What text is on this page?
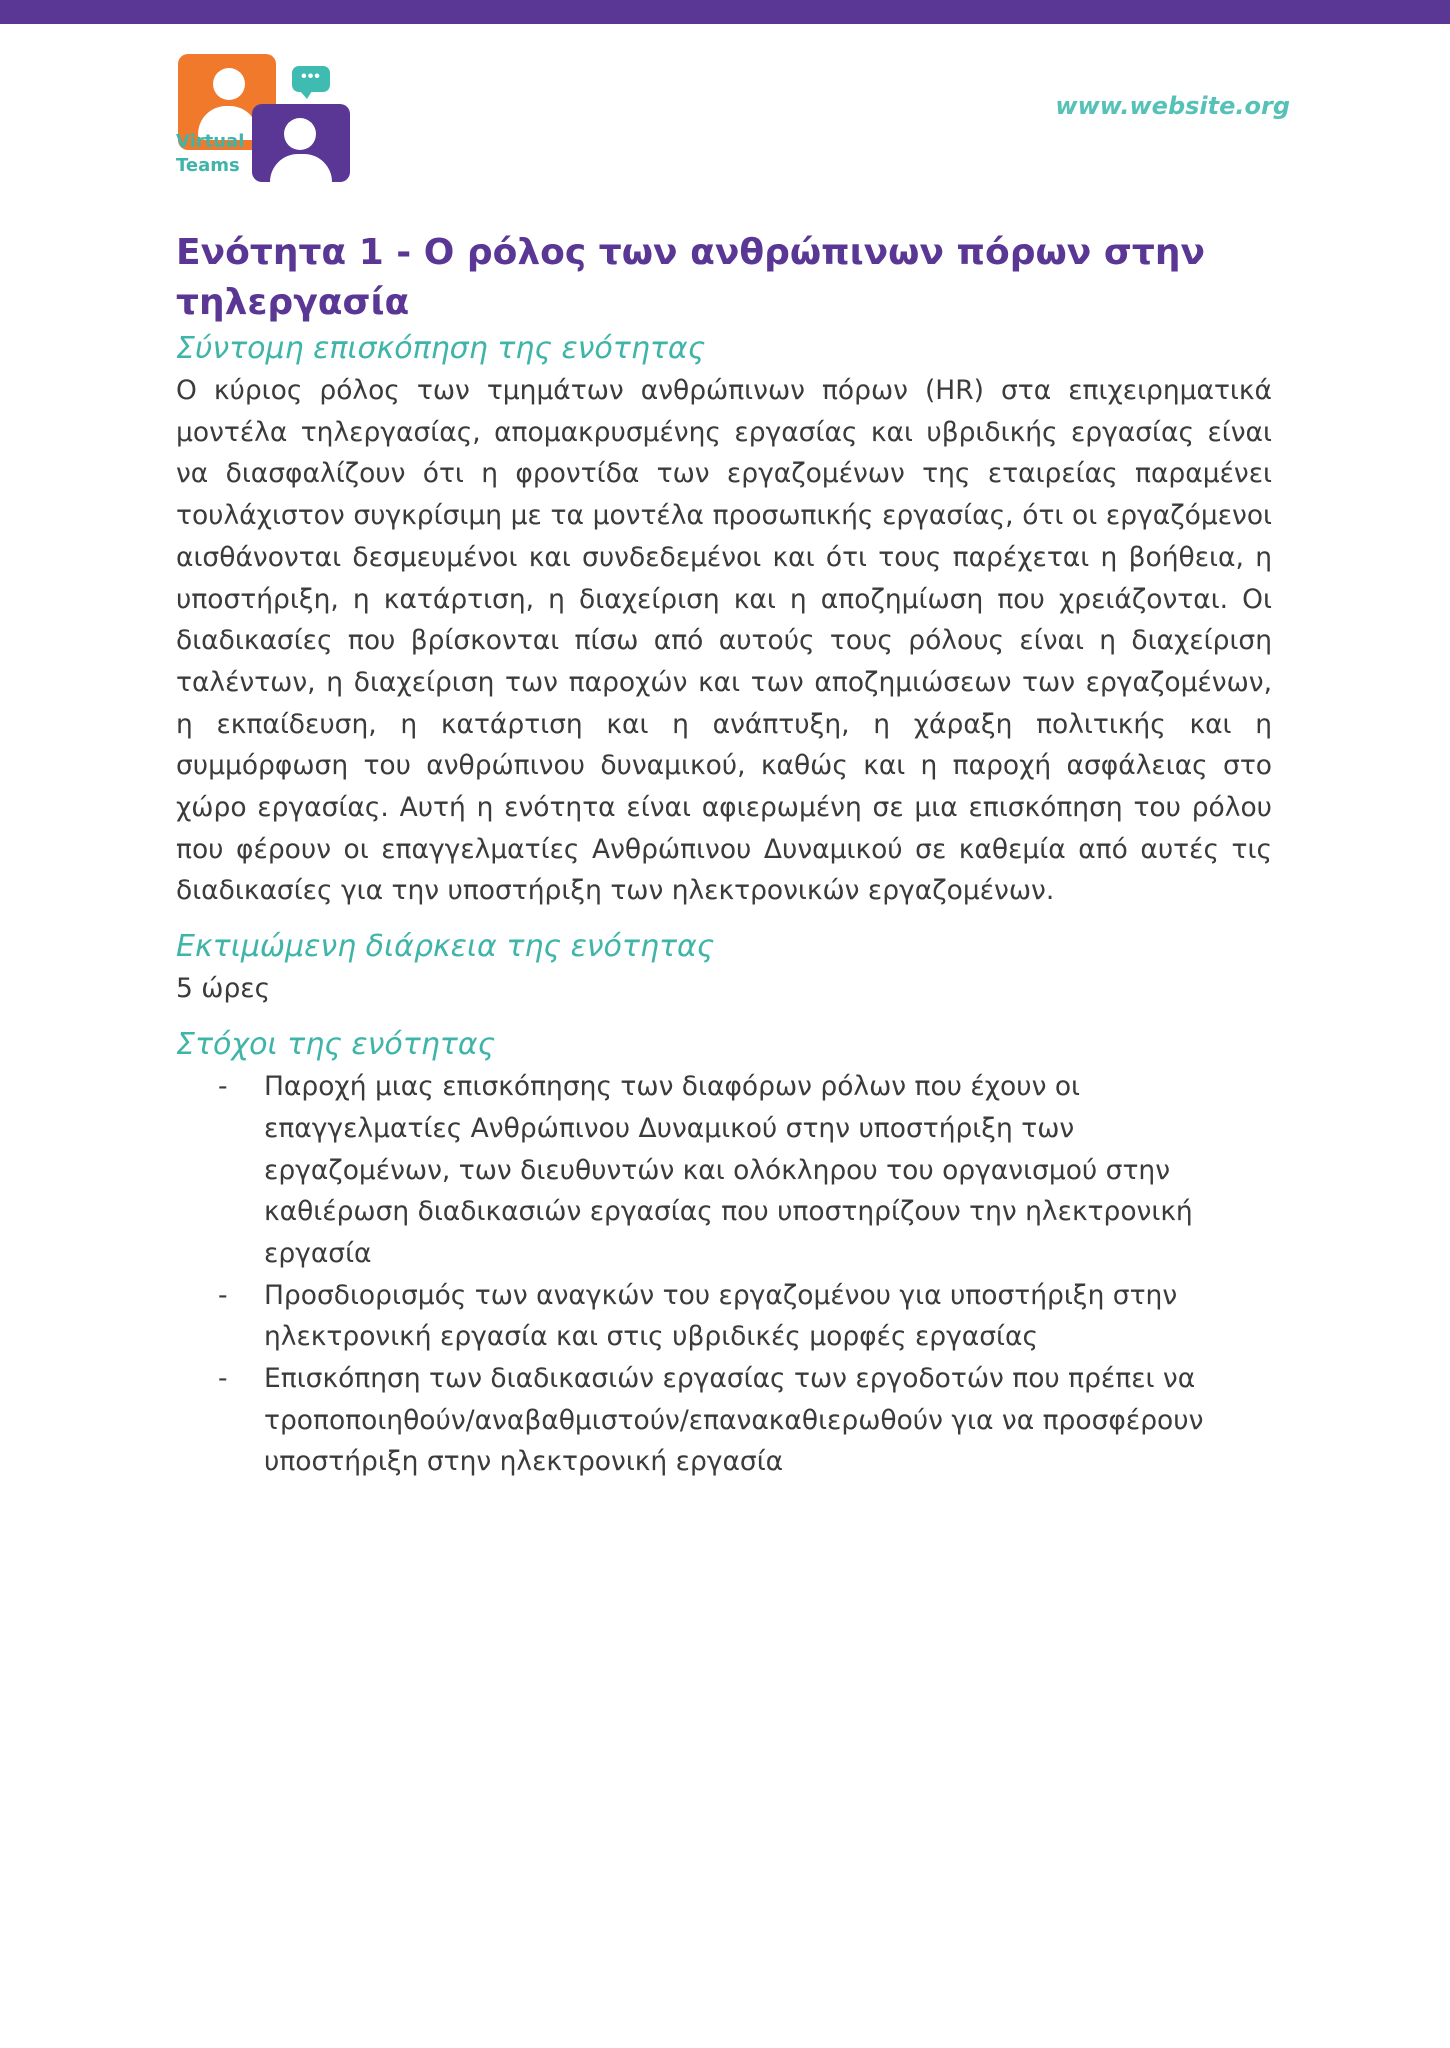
•••
Virtual
Teams
www.website.org
Ενότητα 1 - Ο ρόλος των ανθρώπινων πόρων στην τηλεργασία
Σύντομη επισκόπηση της ενότητας

Ο κύριος ρόλος των τμημάτων ανθρώπινων πόρων (HR) στα επιχειρηματικά μοντέλα τηλεργασίας, απομακρυσμένης εργασίας και υβριδικής εργασίας είναι να διασφαλίζουν ότι η φροντίδα των εργαζομένων της εταιρείας παραμένει τουλάχιστον συγκρίσιμη με τα μοντέλα προσωπικής εργασίας, ότι οι εργαζόμενοι αισθάνονται δεσμευμένοι και συνδεδεμένοι και ότι τους παρέχεται η βοήθεια, η υποστήριξη, η κατάρτιση, η διαχείριση και η αποζημίωση που χρειάζονται. Οι διαδικασίες που βρίσκονται πίσω από αυτούς τους ρόλους είναι η διαχείριση ταλέντων, η διαχείριση των παροχών και των αποζημιώσεων των εργαζομένων, η εκπαίδευση, η κατάρτιση και η ανάπτυξη, η χάραξη πολιτικής και η συμμόρφωση του ανθρώπινου δυναμικού, καθώς και η παροχή ασφάλειας στο χώρο εργασίας. Αυτή η ενότητα είναι αφιερωμένη σε μια επισκόπηση του ρόλου που φέρουν οι επαγγελματίες Ανθρώπινου Δυναμικού σε καθεμία από αυτές τις διαδικασίες για την υποστήριξη των ηλεκτρονικών εργαζομένων.

Εκτιμώμενη διάρκεια της ενότητας
5 ώρες
Στόχοι της ενότητας
- Παροχή μιας επισκόπησης των διαφόρων ρόλων που έχουν οι επαγγελματίες Ανθρώπινου Δυναμικού στην υποστήριξη των εργαζομένων, των διευθυντών και ολόκληρου του οργανισμού στην καθιέρωση διαδικασιών εργασίας που υποστηρίζουν την ηλεκτρονική εργασία
- Προσδιορισμός των αναγκών του εργαζομένου για υποστήριξη στην ηλεκτρονική εργασία και στις υβριδικές μορφές εργασίας
- Επισκόπηση των διαδικασιών εργασίας των εργοδοτών που πρέπει να τροποποιηθούν/αναβαθμιστούν/επανακαθιερωθούν για να προσφέρουν υποστήριξη στην ηλεκτρονική εργασία
